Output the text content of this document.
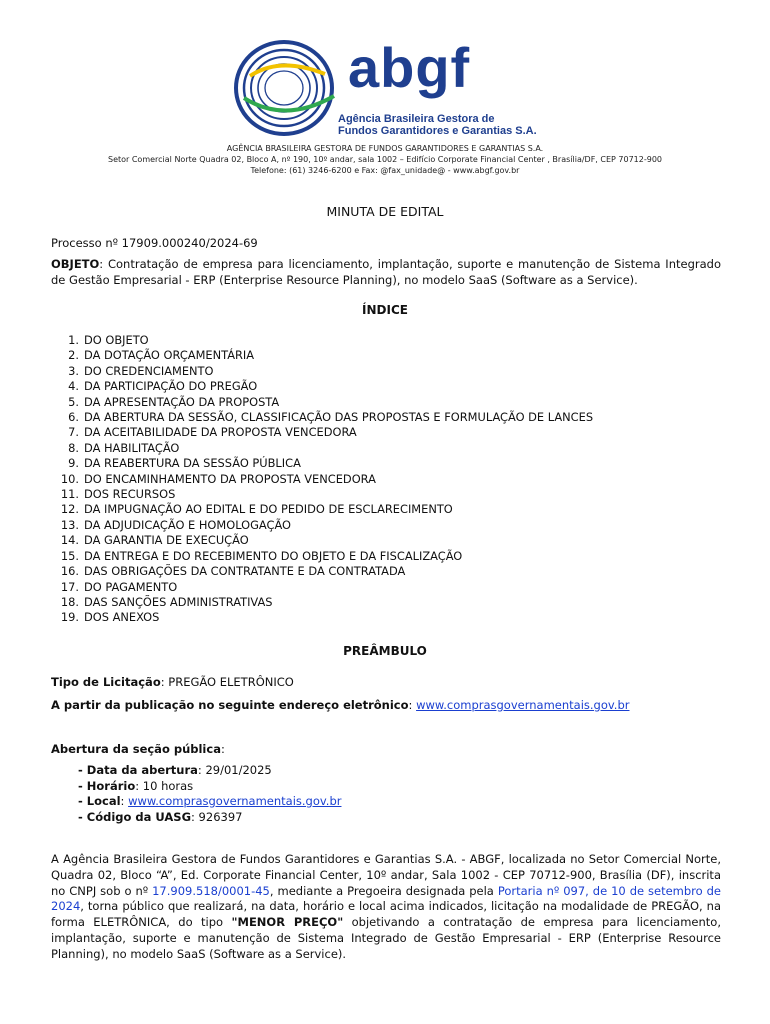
abgf
Agência Brasileira Gestora de
Fundos Garantidores e Garantias S.A.
AGÊNCIA BRASILEIRA GESTORA DE FUNDOS GARANTIDORES E GARANTIAS S.A.
Setor Comercial Norte Quadra 02, Bloco A, nº 190, 10º andar, sala 1002 – Edifício Corporate Financial Center , Brasília/DF, CEP 70712-900
Telefone: (61) 3246-6200 e Fax: @fax_unidade@ - www.abgf.gov.br
MINUTA DE EDITAL
Processo nº 17909.000240/2024-69
OBJETO: Contratação de empresa para licenciamento, implantação, suporte e manutenção de Sistema Integrado de Gestão Empresarial - ERP (Enterprise Resource Planning), no modelo SaaS (Software as a Service).
ÍNDICE
1. DO OBJETO
2. DA DOTAÇÃO ORÇAMENTÁRIA
3. DO CREDENCIAMENTO
4. DA PARTICIPAÇÃO DO PREGÃO
5. DA APRESENTAÇÃO DA PROPOSTA
6. DA ABERTURA DA SESSÃO, CLASSIFICAÇÃO DAS PROPOSTAS E FORMULAÇÃO DE LANCES
7. DA ACEITABILIDADE DA PROPOSTA VENCEDORA
8. DA HABILITAÇÃO
9. DA REABERTURA DA SESSÃO PÚBLICA
10. DO ENCAMINHAMENTO DA PROPOSTA VENCEDORA
11. DOS RECURSOS
12. DA IMPUGNAÇÃO AO EDITAL E DO PEDIDO DE ESCLARECIMENTO
13. DA ADJUDICAÇÃO E HOMOLOGAÇÃO
14. DA GARANTIA DE EXECUÇÃO
15. DA ENTREGA E DO RECEBIMENTO DO OBJETO E DA FISCALIZAÇÃO
16. DAS OBRIGAÇÕES DA CONTRATANTE E DA CONTRATADA
17. DO PAGAMENTO
18. DAS SANÇÕES ADMINISTRATIVAS
19. DOS ANEXOS
PREÂMBULO
Tipo de Licitação: PREGÃO ELETRÔNICO
A partir da publicação no seguinte endereço eletrônico: www.comprasgovernamentais.gov.br
Abertura da seção pública:
- Data da abertura: 29/01/2025
- Horário: 10 horas
- Local: www.comprasgovernamentais.gov.br
- Código da UASG: 926397
A Agência Brasileira Gestora de Fundos Garantidores e Garantias S.A. - ABGF, localizada no Setor Comercial Norte, Quadra 02, Bloco “A”, Ed. Corporate Financial Center, 10º andar, Sala 1002 - CEP 70712-900, Brasília (DF), inscrita no CNPJ sob o nº 17.909.518/0001-45, mediante a Pregoeira designada pela Portaria nº 097, de 10 de setembro de 2024, torna público que realizará, na data, horário e local acima indicados, licitação na modalidade de PREGÃO, na forma ELETRÔNICA, do tipo "MENOR PREÇO" objetivando a contratação de empresa para licenciamento, implantação, suporte e manutenção de Sistema Integrado de Gestão Empresarial - ERP (Enterprise Resource Planning), no modelo SaaS (Software as a Service).
